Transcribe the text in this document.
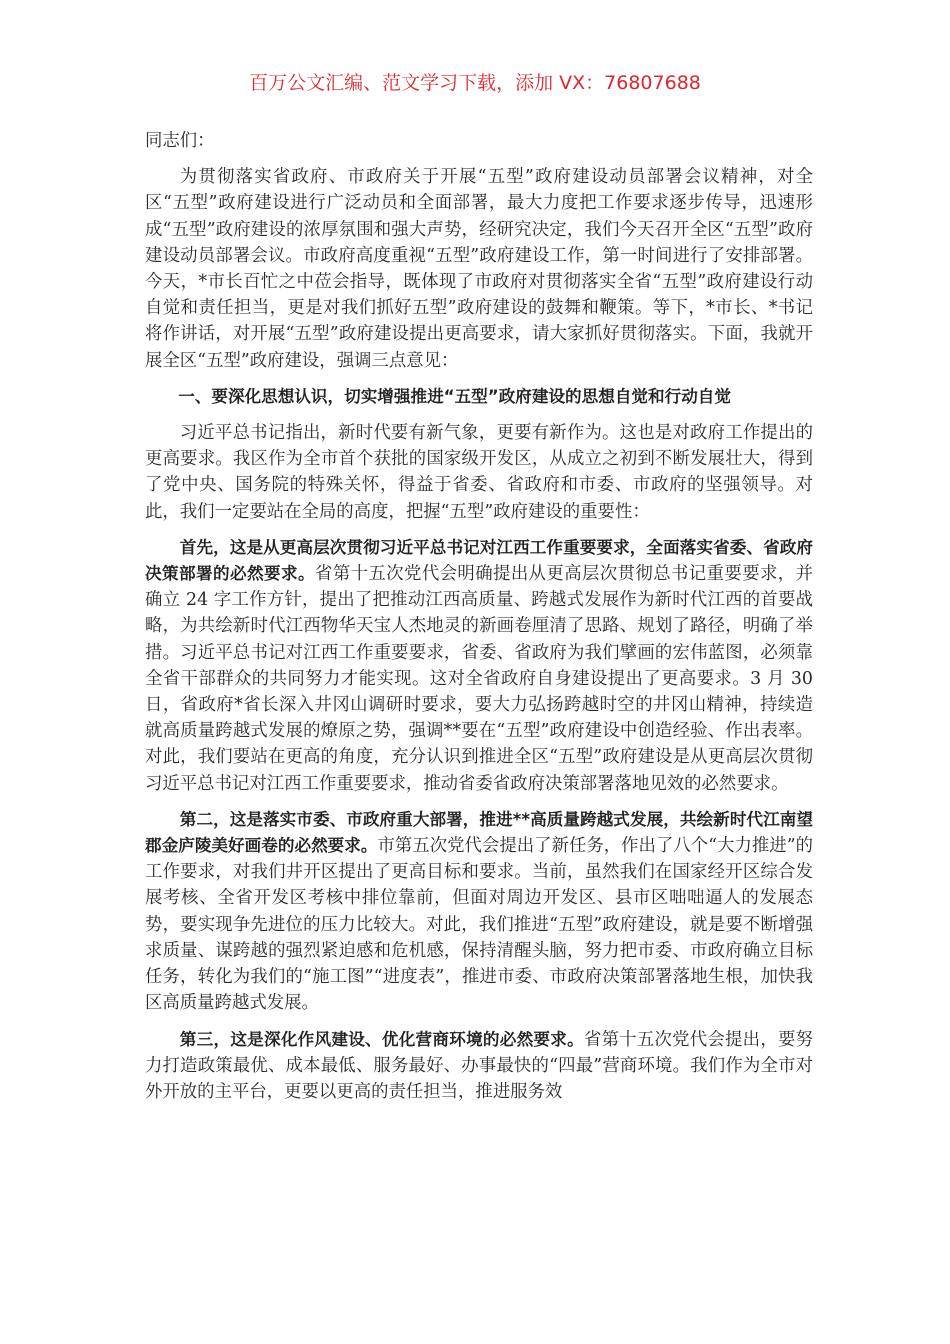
百万公文汇编、范文学习下载，添加 VX：76807688

同志们：

为贯彻落实省政府、市政府关于开展“五型”政府建设动员部署会议精神，对全区“五型”政府建设进行广泛动员和全面部署，最大力度把工作要求逐步传导，迅速形成“五型”政府建设的浓厚氛围和强大声势，经研究决定，我们今天召开全区“五型”政府建设动员部署会议。市政府高度重视“五型”政府建设工作，第一时间进行了安排部署。今天，*市长百忙之中莅会指导，既体现了市政府对贯彻落实全省“五型”政府建设行动自觉和责任担当，更是对我们抓好五型”政府建设的鼓舞和鞭策。等下，*市长、*书记将作讲话，对开展“五型”政府建设提出更高要求，请大家抓好贯彻落实。下面，我就开展全区“五型”政府建设，强调三点意见：

一、要深化思想认识，切实增强推进“五型”政府建设的思想自觉和行动自觉

习近平总书记指出，新时代要有新气象，更要有新作为。这也是对政府工作提出的更高要求。我区作为全市首个获批的国家级开发区，从成立之初到不断发展壮大，得到了党中央、国务院的特殊关怀，得益于省委、省政府和市委、市政府的坚强领导。对此，我们一定要站在全局的高度，把握“五型”政府建设的重要性：

首先，这是从更高层次贯彻习近平总书记对江西工作重要要求，全面落实省委、省政府决策部署的必然要求。省第十五次党代会明确提出从更高层次贯彻总书记重要要求，并确立 24 字工作方针，提出了把推动江西高质量、跨越式发展作为新时代江西的首要战略，为共绘新时代江西物华天宝人杰地灵的新画卷厘清了思路、规划了路径，明确了举措。习近平总书记对江西工作重要要求，省委、省政府为我们擘画的宏伟蓝图，必须靠全省干部群众的共同努力才能实现。这对全省政府自身建设提出了更高要求。3 月 30 日，省政府*省长深入井冈山调研时要求，要大力弘扬跨越时空的井冈山精神，持续造就高质量跨越式发展的燎原之势，强调**要在“五型”政府建设中创造经验、作出表率。对此，我们要站在更高的角度，充分认识到推进全区“五型”政府建设是从更高层次贯彻习近平总书记对江西工作重要要求，推动省委省政府决策部署落地见效的必然要求。

第二，这是落实市委、市政府重大部署，推进**高质量跨越式发展，共绘新时代江南望郡金庐陵美好画卷的必然要求。市第五次党代会提出了新任务，作出了八个“大力推进”的工作要求，对我们井开区提出了更高目标和要求。当前，虽然我们在国家经开区综合发展考核、全省开发区考核中排位靠前，但面对周边开发区、县市区咄咄逼人的发展态势，要实现争先进位的压力比较大。对此，我们推进“五型”政府建设，就是要不断增强求质量、谋跨越的强烈紧迫感和危机感，保持清醒头脑，努力把市委、市政府确立目标任务，转化为我们的“施工图”“进度表”，推进市委、市政府决策部署落地生根，加快我区高质量跨越式发展。

第三，这是深化作风建设、优化营商环境的必然要求。省第十五次党代会提出，要努力打造政策最优、成本最低、服务最好、办事最快的“四最”营商环境。我们作为全市对外开放的主平台，更要以更高的责任担当，推进服务效
